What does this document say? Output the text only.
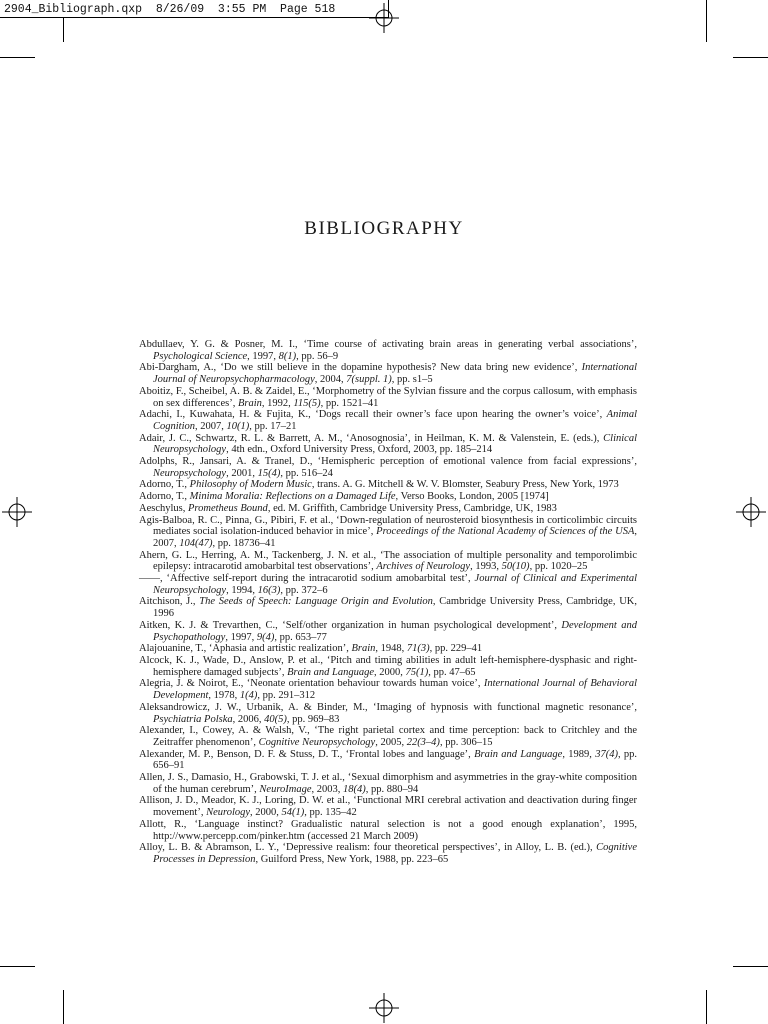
2904_Bibliograph.qxp  8/26/09  3:55 PM  Page 518
BIBLIOGRAPHY

Abdullaev, Y. G. & Posner, M. I., ‘Time course of activating brain areas in generating verbal associations’, Psychological Science, 1997, 8(1), pp. 56–9

Abi-Dargham, A., ‘Do we still believe in the dopamine hypothesis? New data bring new evidence’, International Journal of Neuropsychopharmacology, 2004, 7(suppl. 1), pp. s1–5

Aboitiz, F., Scheibel, A. B. & Zaidel, E., ‘Morphometry of the Sylvian fissure and the corpus callosum, with emphasis on sex differences’, Brain, 1992, 115(5), pp. 1521–41

Adachi, I., Kuwahata, H. & Fujita, K., ‘Dogs recall their owner’s face upon hearing the owner’s voice’, Animal Cognition, 2007, 10(1), pp. 17–21

Adair, J. C., Schwartz, R. L. & Barrett, A. M., ‘Anosognosia’, in Heilman, K. M. & Valenstein, E. (eds.), Clinical Neuropsychology, 4th edn., Oxford University Press, Oxford, 2003, pp. 185–214

Adolphs, R., Jansari, A. & Tranel, D., ‘Hemispheric perception of emotional valence from facial expressions’, Neuropsychology, 2001, 15(4), pp. 516–24

Adorno, T., Philosophy of Modern Music, trans. A. G. Mitchell & W. V. Blomster, Seabury Press, New York, 1973

Adorno, T., Minima Moralia: Reflections on a Damaged Life, Verso Books, London, 2005 [1974]

Aeschylus, Prometheus Bound, ed. M. Griffith, Cambridge University Press, Cambridge, UK, 1983

Agis-Balboa, R. C., Pinna, G., Pibiri, F. et al., ‘Down-regulation of neurosteroid biosynthesis in corticolimbic circuits mediates social isolation-induced behavior in mice’, Proceedings of the National Academy of Sciences of the USA, 2007, 104(47), pp. 18736–41

Ahern, G. L., Herring, A. M., Tackenberg, J. N. et al., ‘The association of multiple personality and temporolimbic epilepsy: intracarotid amobarbital test observations’, Archives of Neurology, 1993, 50(10), pp. 1020–25

——, ‘Affective self-report during the intracarotid sodium amobarbital test’, Journal of Clinical and Experimental Neuropsychology, 1994, 16(3), pp. 372–6

Aitchison, J., The Seeds of Speech: Language Origin and Evolution, Cambridge University Press, Cambridge, UK, 1996

Aitken, K. J. & Trevarthen, C., ‘Self/other organization in human psychological development’, Development and Psychopathology, 1997, 9(4), pp. 653–77

Alajouanine, T., ‘Aphasia and artistic realization’, Brain, 1948, 71(3), pp. 229–41

Alcock, K. J., Wade, D., Anslow, P. et al., ‘Pitch and timing abilities in adult left-hemisphere-dysphasic and right-hemisphere damaged subjects’, Brain and Language, 2000, 75(1), pp. 47–65

Alegria, J. & Noirot, E., ‘Neonate orientation behaviour towards human voice’, International Journal of Behavioral Development, 1978, 1(4), pp. 291–312

Aleksandrowicz, J. W., Urbanik, A. & Binder, M., ‘Imaging of hypnosis with functional magnetic resonance’, Psychiatria Polska, 2006, 40(5), pp. 969–83

Alexander, I., Cowey, A. & Walsh, V., ‘The right parietal cortex and time perception: back to Critchley and the Zeitraffer phenomenon’, Cognitive Neuropsychology, 2005, 22(3–4), pp. 306–15

Alexander, M. P., Benson, D. F. & Stuss, D. T., ‘Frontal lobes and language’, Brain and Language, 1989, 37(4), pp. 656–91

Allen, J. S., Damasio, H., Grabowski, T. J. et al., ‘Sexual dimorphism and asymmetries in the gray-white composition of the human cerebrum’, NeuroImage, 2003, 18(4), pp. 880–94

Allison, J. D., Meador, K. J., Loring, D. W. et al., ‘Functional MRI cerebral activation and deactivation during finger movement’, Neurology, 2000, 54(1), pp. 135–42

Allott, R., ‘Language instinct? Gradualistic natural selection is not a good enough explanation’, 1995, http://www.percepp.com/pinker.htm (accessed 21 March 2009)

Alloy, L. B. & Abramson, L. Y., ‘Depressive realism: four theoretical perspectives’, in Alloy, L. B. (ed.), Cognitive Processes in Depression, Guilford Press, New York, 1988, pp. 223–65
